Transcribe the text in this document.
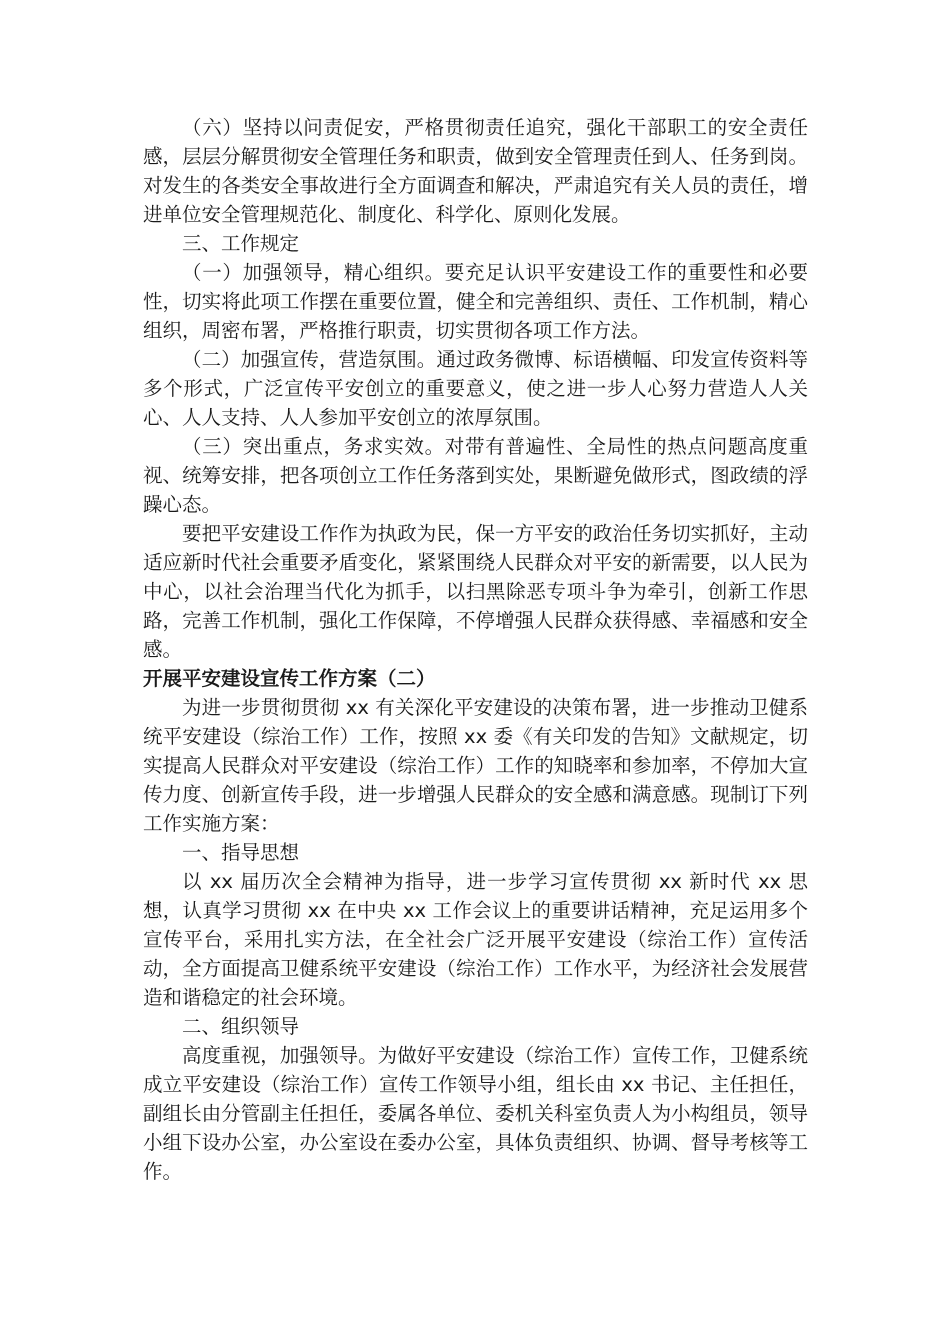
（六）坚持以问责促安，严格贯彻责任追究，强化干部职工的安全责任感，层层分解贯彻安全管理任务和职责，做到安全管理责任到人、任务到岗。对发生的各类安全事故进行全方面调查和解决，严肃追究有关人员的责任，增进单位安全管理规范化、制度化、科学化、原则化发展。

三、工作规定

（一）加强领导，精心组织。要充足认识平安建设工作的重要性和必要性，切实将此项工作摆在重要位置，健全和完善组织、责任、工作机制，精心组织，周密布署，严格推行职责，切实贯彻各项工作方法。

（二）加强宣传，营造氛围。通过政务微博、标语横幅、印发宣传资料等多个形式，广泛宣传平安创立的重要意义，使之进一步人心努力营造人人关心、人人支持、人人参加平安创立的浓厚氛围。

（三）突出重点，务求实效。对带有普遍性、全局性的热点问题高度重视、统筹安排，把各项创立工作任务落到实处，果断避免做形式，图政绩的浮躁心态。

要把平安建设工作作为执政为民，保一方平安的政治任务切实抓好，主动适应新时代社会重要矛盾变化，紧紧围绕人民群众对平安的新需要，以人民为中心，以社会治理当代化为抓手，以扫黑除恶专项斗争为牵引，创新工作思路，完善工作机制，强化工作保障，不停增强人民群众获得感、幸福感和安全感。

开展平安建设宣传工作方案（二）

为进一步贯彻贯彻 xx 有关深化平安建设的决策布署，进一步推动卫健系统平安建设（综治工作）工作，按照 xx 委《有关印发的告知》文献规定，切实提高人民群众对平安建设（综治工作）工作的知晓率和参加率，不停加大宣传力度、创新宣传手段，进一步增强人民群众的安全感和满意感。现制订下列工作实施方案：

一、指导思想

以 xx 届历次全会精神为指导，进一步学习宣传贯彻 xx 新时代 xx 思想，认真学习贯彻 xx 在中央 xx 工作会议上的重要讲话精神，充足运用多个宣传平台，采用扎实方法，在全社会广泛开展平安建设（综治工作）宣传活动，全方面提高卫健系统平安建设（综治工作）工作水平，为经济社会发展营造和谐稳定的社会环境。

二、组织领导

高度重视，加强领导。为做好平安建设（综治工作）宣传工作，卫健系统成立平安建设（综治工作）宣传工作领导小组，组长由 xx 书记、主任担任，副组长由分管副主任担任，委属各单位、委机关科室负责人为小构组员，领导小组下设办公室，办公室设在委办公室，具体负责组织、协调、督导考核等工作。
